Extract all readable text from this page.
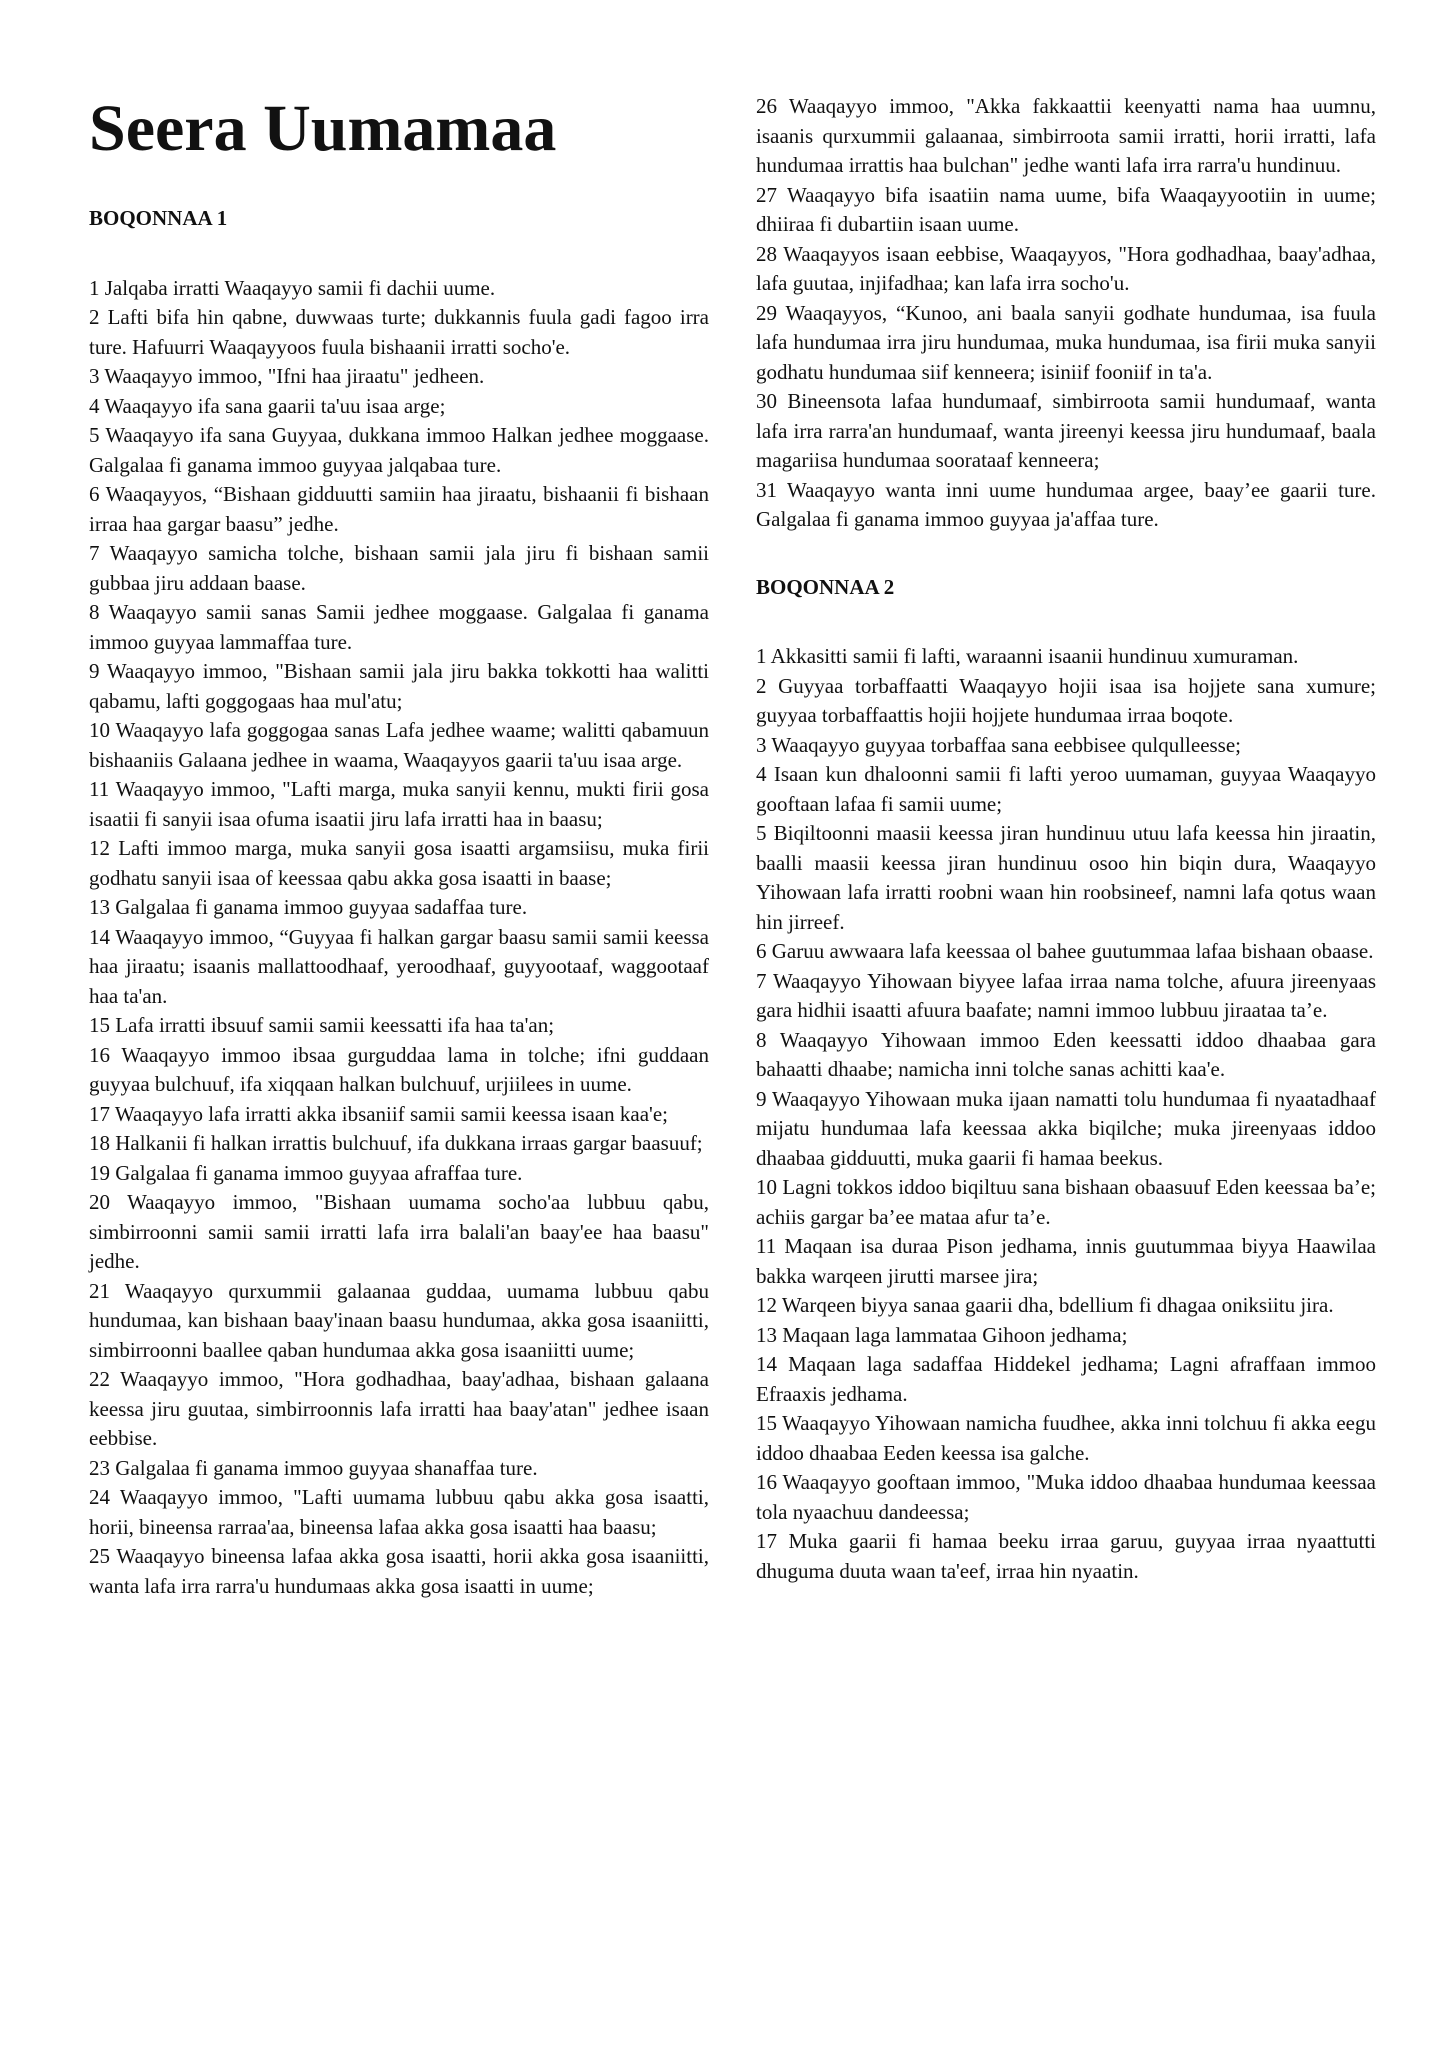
Seera Uumamaa
BOQONNAA 1

1 Jalqaba irratti Waaqayyo samii fi dachii uume.

2 Lafti bifa hin qabne, duwwaas turte; dukkannis fuula gadi fagoo irra ture. Hafuurri Waaqayyoos fuula bishaanii irratti socho'e.

3 Waaqayyo immoo, "Ifni haa jiraatu" jedheen.

4 Waaqayyo ifa sana gaarii ta'uu isaa arge;

5 Waaqayyo ifa sana Guyyaa, dukkana immoo Halkan jedhee moggaase. Galgalaa fi ganama immoo guyyaa jalqabaa ture.

6 Waaqayyos, “Bishaan gidduutti samiin haa jiraatu, bishaanii fi bishaan irraa haa gargar baasu” jedhe.

7 Waaqayyo samicha tolche, bishaan samii jala jiru fi bishaan samii gubbaa jiru addaan baase.

8 Waaqayyo samii sanas Samii jedhee moggaase. Galgalaa fi ganama immoo guyyaa lammaffaa ture.

9 Waaqayyo immoo, "Bishaan samii jala jiru bakka tokkotti haa walitti qabamu, lafti goggogaas haa mul'atu;

10 Waaqayyo lafa goggogaa sanas Lafa jedhee waame; walitti qabamuun bishaaniis Galaana jedhee in waama, Waaqayyos gaarii ta'uu isaa arge.

11 Waaqayyo immoo, "Lafti marga, muka sanyii kennu, mukti firii gosa isaatii fi sanyii isaa ofuma isaatii jiru lafa irratti haa in baasu;

12 Lafti immoo marga, muka sanyii gosa isaatti argamsiisu, muka firii godhatu sanyii isaa of keessaa qabu akka gosa isaatti in baase;

13 Galgalaa fi ganama immoo guyyaa sadaffaa ture.

14 Waaqayyo immoo, “Guyyaa fi halkan gargar baasu samii samii keessa haa jiraatu; isaanis mallattoodhaaf, yeroodhaaf, guyyootaaf, waggootaaf haa ta'an.

15 Lafa irratti ibsuuf samii samii keessatti ifa haa ta'an;

16 Waaqayyo immoo ibsaa gurguddaa lama in tolche; ifni guddaan guyyaa bulchuuf, ifa xiqqaan halkan bulchuuf, urjiilees in uume.

17 Waaqayyo lafa irratti akka ibsaniif samii samii keessa isaan kaa'e;

18 Halkanii fi halkan irrattis bulchuuf, ifa dukkana irraas gargar baasuuf;

19 Galgalaa fi ganama immoo guyyaa afraffaa ture.

20 Waaqayyo immoo, "Bishaan uumama socho'aa lubbuu qabu, simbirroonni samii samii irratti lafa irra balali'an baay'ee haa baasu" jedhe.

21 Waaqayyo qurxummii galaanaa guddaa, uumama lubbuu qabu hundumaa, kan bishaan baay'inaan baasu hundumaa, akka gosa isaaniitti, simbirroonni baallee qaban hundumaa akka gosa isaaniitti uume;

22 Waaqayyo immoo, "Hora godhadhaa, baay'adhaa, bishaan galaana keessa jiru guutaa, simbirroonnis lafa irratti haa baay'atan" jedhee isaan eebbise.

23 Galgalaa fi ganama immoo guyyaa shanaffaa ture.

24 Waaqayyo immoo, "Lafti uumama lubbuu qabu akka gosa isaatti, horii, bineensa rarraa'aa, bineensa lafaa akka gosa isaatti haa baasu;

25 Waaqayyo bineensa lafaa akka gosa isaatti, horii akka gosa isaaniitti, wanta lafa irra rarra'u hundumaas akka gosa isaatti in uume;

26 Waaqayyo immoo, "Akka fakkaattii keenyatti nama haa uumnu, isaanis qurxummii galaanaa, simbirroota samii irratti, horii irratti, lafa hundumaa irrattis haa bulchan" jedhe wanti lafa irra rarra'u hundinuu.

27 Waaqayyo bifa isaatiin nama uume, bifa Waaqayyootiin in uume; dhiiraa fi dubartiin isaan uume.

28 Waaqayyos isaan eebbise, Waaqayyos, "Hora godhadhaa, baay'adhaa, lafa guutaa, injifadhaa; kan lafa irra socho'u.

29 Waaqayyos, “Kunoo, ani baala sanyii godhate hundumaa, isa fuula lafa hundumaa irra jiru hundumaa, muka hundumaa, isa firii muka sanyii godhatu hundumaa siif kenneera; isiniif fooniif in ta'a.

30 Bineensota lafaa hundumaaf, simbirroota samii hundumaaf, wanta lafa irra rarra'an hundumaaf, wanta jireenyi keessa jiru hundumaaf, baala magariisa hundumaa soorataaf kenneera;

31 Waaqayyo wanta inni uume hundumaa argee, baay’ee gaarii ture. Galgalaa fi ganama immoo guyyaa ja'affaa ture.

BOQONNAA 2

1 Akkasitti samii fi lafti, waraanni isaanii hundinuu xumuraman.

2 Guyyaa torbaffaatti Waaqayyo hojii isaa isa hojjete sana xumure; guyyaa torbaffaattis hojii hojjete hundumaa irraa boqote.

3 Waaqayyo guyyaa torbaffaa sana eebbisee qulqulleesse;

4 Isaan kun dhaloonni samii fi lafti yeroo uumaman, guyyaa Waaqayyo gooftaan lafaa fi samii uume;

5 Biqiltoonni maasii keessa jiran hundinuu utuu lafa keessa hin jiraatin, baalli maasii keessa jiran hundinuu osoo hin biqin dura, Waaqayyo Yihowaan lafa irratti roobni waan hin roobsineef, namni lafa qotus waan hin jirreef.

6 Garuu awwaara lafa keessaa ol bahee guutummaa lafaa bishaan obaase.

7 Waaqayyo Yihowaan biyyee lafaa irraa nama tolche, afuura jireenyaas gara hidhii isaatti afuura baafate; namni immoo lubbuu jiraataa ta’e.

8 Waaqayyo Yihowaan immoo Eden keessatti iddoo dhaabaa gara bahaatti dhaabe; namicha inni tolche sanas achitti kaa'e.

9 Waaqayyo Yihowaan muka ijaan namatti tolu hundumaa fi nyaatadhaaf mijatu hundumaa lafa keessaa akka biqilche; muka jireenyaas iddoo dhaabaa gidduutti, muka gaarii fi hamaa beekus.

10 Lagni tokkos iddoo biqiltuu sana bishaan obaasuuf Eden keessaa ba’e; achiis gargar ba’ee mataa afur ta’e.

11 Maqaan isa duraa Pison jedhama, innis guutummaa biyya Haawilaa bakka warqeen jirutti marsee jira;

12 Warqeen biyya sanaa gaarii dha, bdellium fi dhagaa oniksiitu jira.

13 Maqaan laga lammataa Gihoon jedhama;

14 Maqaan laga sadaffaa Hiddekel jedhama; Lagni afraffaan immoo Efraaxis jedhama.

15 Waaqayyo Yihowaan namicha fuudhee, akka inni tolchuu fi akka eegu iddoo dhaabaa Eeden keessa isa galche.

16 Waaqayyo gooftaan immoo, "Muka iddoo dhaabaa hundumaa keessaa tola nyaachuu dandeessa;

17 Muka gaarii fi hamaa beeku irraa garuu, guyyaa irraa nyaattutti dhuguma duuta waan ta'eef, irraa hin nyaatin.
